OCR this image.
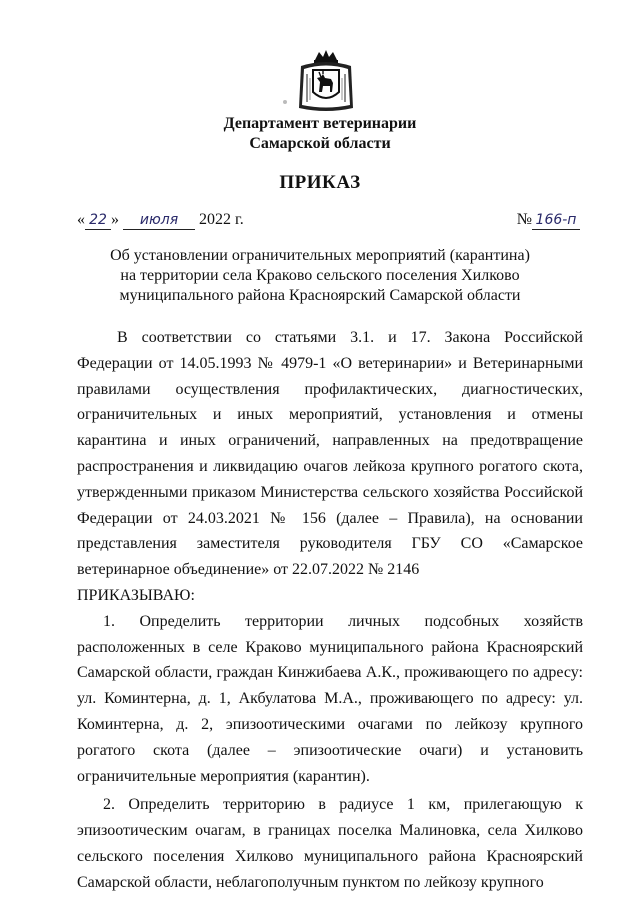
Департамент ветеринарии
Самарской области
ПРИКАЗ
« 22 » июля 2022 г.	№ 166-п
Об установлении ограничительных мероприятий (карантина)
на территории села Краково сельского поселения Хилково
муниципального района Красноярский Самарской области

В соответствии со статьями 3.1. и 17. Закона Российской Федерации от 14.05.1993 № 4979-1 «О ветеринарии» и Ветеринарными правилами осуществления профилактических, диагностических, ограничительных и иных мероприятий, установления и отмены карантина и иных ограничений, направленных на предотвращение распространения и ликвидацию очагов лейкоза крупного рогатого скота, утвержденными приказом Министерства сельского хозяйства Российской Федерации от 24.03.2021 № 156 (далее – Правила), на основании представления заместителя руководителя ГБУ СО «Самарское ветеринарное объединение» от 22.07.2022 № 2146

ПРИКАЗЫВАЮ:

1. Определить территории личных подсобных хозяйств расположенных в селе Краково муниципального района Красноярский Самарской области, граждан Кинжибаева А.К., проживающего по адресу: ул. Коминтерна, д. 1, Акбулатова М.А., проживающего по адресу: ул. Коминтерна, д. 2, эпизоотическими очагами по лейкозу крупного рогатого скота (далее – эпизоотические очаги) и установить ограничительные мероприятия (карантин).

2. Определить территорию в радиусе 1 км, прилегающую к эпизоотическим очагам, в границах поселка Малиновка, села Хилково сельского поселения Хилково муниципального района Красноярский Самарской области, неблагополучным пунктом по лейкозу крупного
